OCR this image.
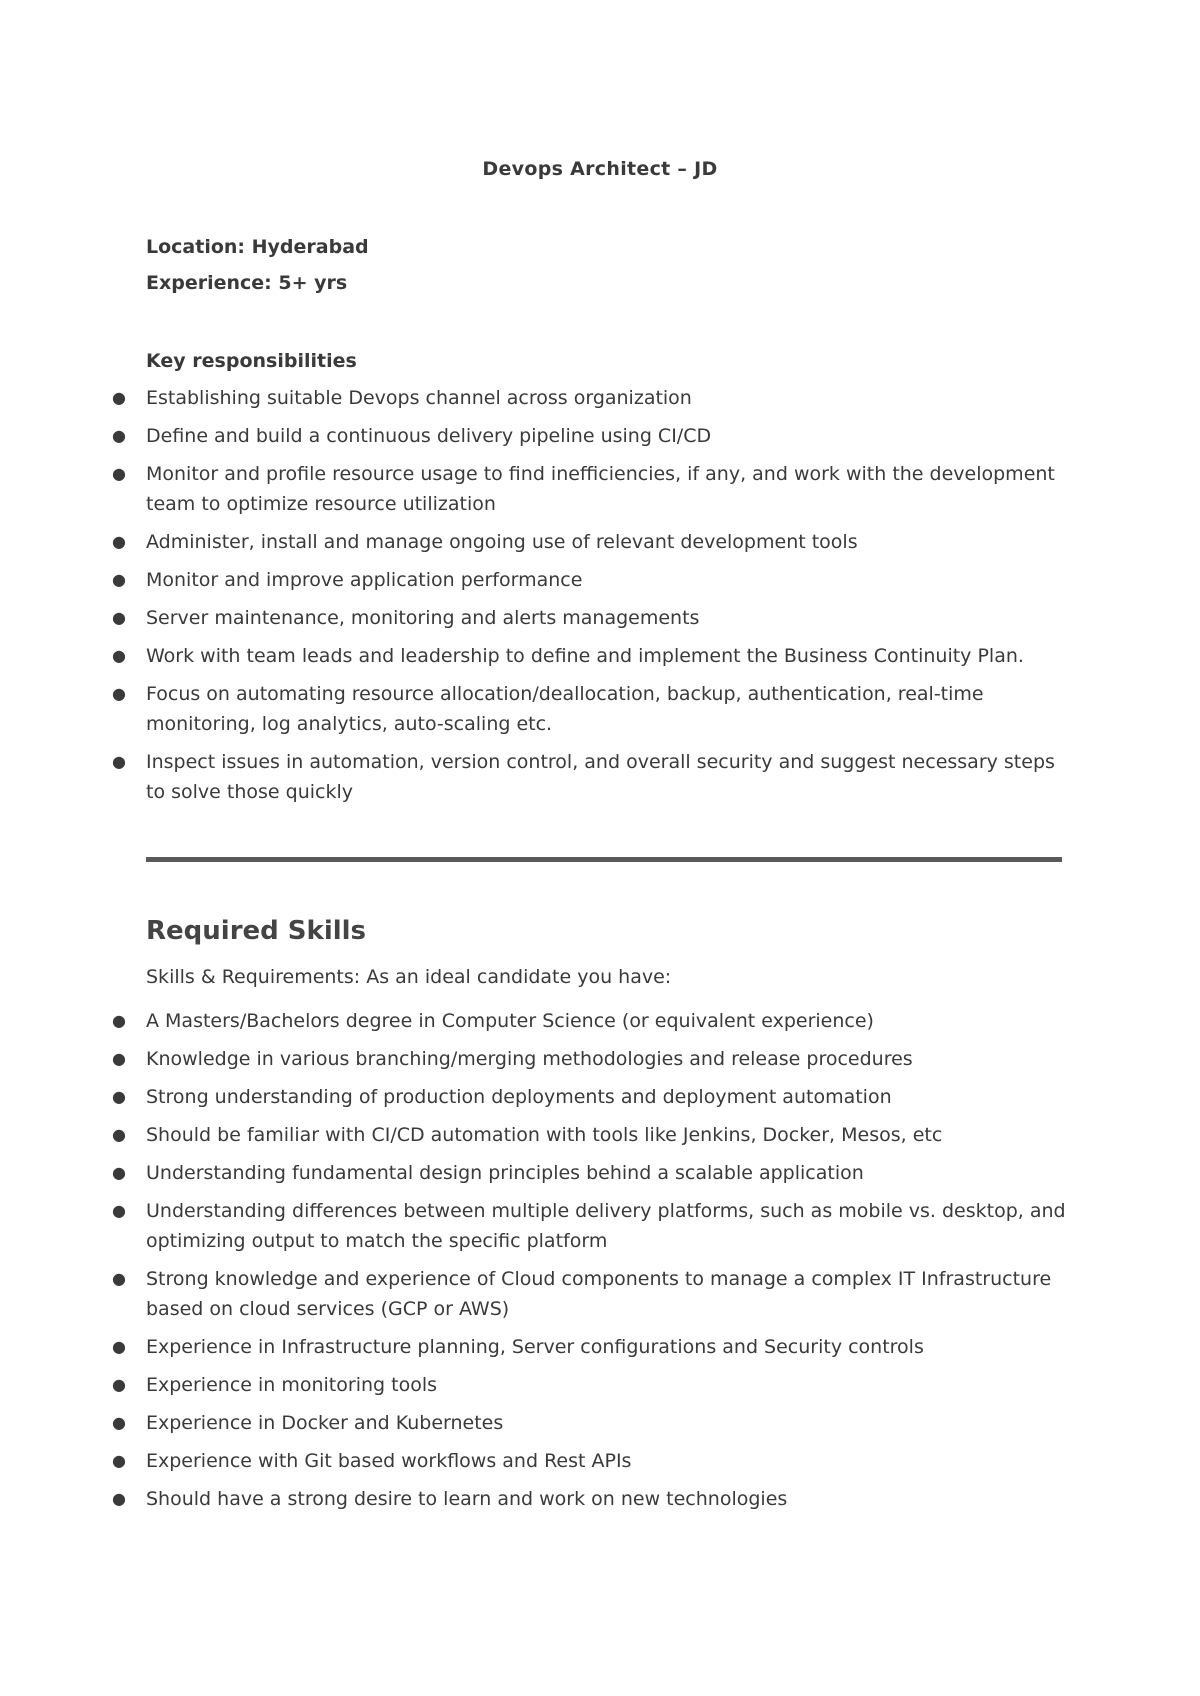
Devops Architect – JD
Location: Hyderabad
Experience: 5+ yrs
Key responsibilities
● Establishing suitable Devops channel across organization
● Define and build a continuous delivery pipeline using CI/CD
● Monitor and profile resource usage to find inefficiencies, if any, and work with the development team to optimize resource utilization
● Administer, install and manage ongoing use of relevant development tools
● Monitor and improve application performance
● Server maintenance, monitoring and alerts managements
● Work with team leads and leadership to define and implement the Business Continuity Plan.
● Focus on automating resource allocation/deallocation, backup, authentication, real-time monitoring, log analytics, auto-scaling etc.
● Inspect issues in automation, version control, and overall security and suggest necessary steps to solve those quickly
Required Skills
Skills & Requirements: As an ideal candidate you have:
● A Masters/Bachelors degree in Computer Science (or equivalent experience)
● Knowledge in various branching/merging methodologies and release procedures
● Strong understanding of production deployments and deployment automation
● Should be familiar with CI/CD automation with tools like Jenkins, Docker, Mesos, etc
● Understanding fundamental design principles behind a scalable application
● Understanding differences between multiple delivery platforms, such as mobile vs. desktop, and optimizing output to match the specific platform
● Strong knowledge and experience of Cloud components to manage a complex IT Infrastructure based on cloud services (GCP or AWS)
● Experience in Infrastructure planning, Server configurations and Security controls
● Experience in monitoring tools
● Experience in Docker and Kubernetes
● Experience with Git based workflows and Rest APIs
● Should have a strong desire to learn and work on new technologies
